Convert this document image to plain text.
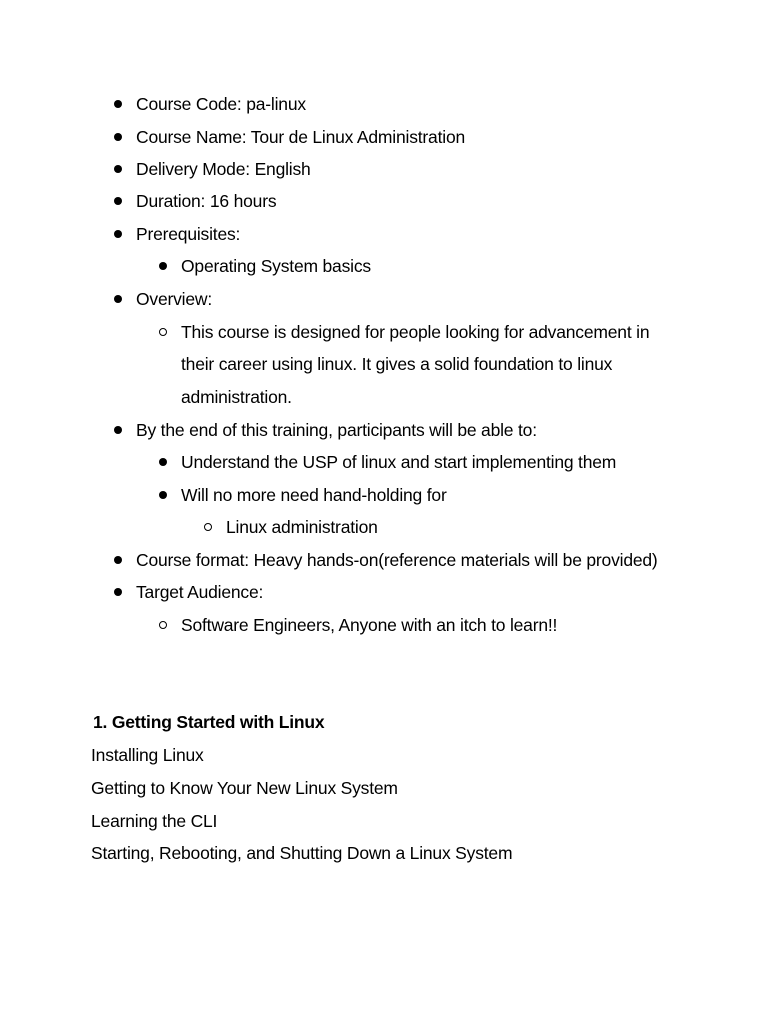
Course Code: pa-linux
Course Name: Tour de Linux Administration
Delivery Mode: English
Duration: 16 hours
Prerequisites:
Operating System basics
Overview:
This course is designed for people looking for advancement in
their career using linux. It gives a solid foundation to linux
administration.
By the end of this training, participants will be able to:
Understand the USP of linux and start implementing them
Will no more need hand-holding for
Linux administration
Course format: Heavy hands-on(reference materials will be provided)
Target Audience:
Software Engineers, Anyone with an itch to learn!!
1. Getting Started with Linux
Installing Linux
Getting to Know Your New Linux System
Learning the CLI
Starting, Rebooting, and Shutting Down a Linux System
